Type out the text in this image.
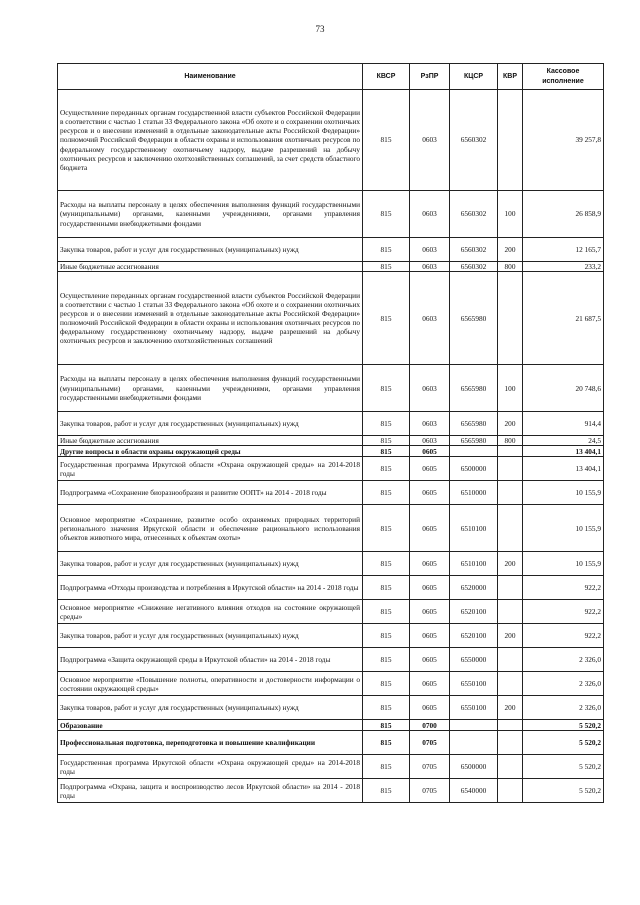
73
Наименование	КВСР	РзПР	КЦСР	КВР	Кассовое исполнение
Осуществление переданных органам государственной власти субъектов Российской Федерации в соответствии с частью 1 статьи 33 Федерального закона «Об охоте и о сохранении охотничьих ресурсов и о внесении изменений в отдельные законодательные акты Российской Федерации» полномочий Российской Федерации в области охраны и использования охотничьих ресурсов по федеральному государственному охотничьему надзору, выдаче разрешений на добычу охотничьих ресурсов и заключению охотхозяйственных соглашений, за счет средств областного бюджета	815	0603	6560302		39 257,8
Расходы на выплаты персоналу в целях обеспечения выполнения функций государственными (муниципальными) органами, казенными учреждениями, органами управления государственными внебюджетными фондами	815	0603	6560302	100	26 858,9
Закупка товаров, работ и услуг для государственных (муниципальных) нужд	815	0603	6560302	200	12 165,7
Иные бюджетные ассигнования	815	0603	6560302	800	233,2
Осуществление переданных органам государственной власти субъектов Российской Федерации в соответствии с частью 1 статьи 33 Федерального закона «Об охоте и о сохранении охотничьих ресурсов и о внесении изменений в отдельные законодательные акты Российской Федерации» полномочий Российской Федерации в области охраны и использования охотничьих ресурсов по федеральному государственному охотничьему надзору, выдаче разрешений на добычу охотничьих ресурсов и заключению охотхозяйственных соглашений	815	0603	6565980		21 687,5
Расходы на выплаты персоналу в целях обеспечения выполнения функций государственными (муниципальными) органами, казенными учреждениями, органами управления государственными внебюджетными фондами	815	0603	6565980	100	20 748,6
Закупка товаров, работ и услуг для государственных (муниципальных) нужд	815	0603	6565980	200	914,4
Иные бюджетные ассигнования	815	0603	6565980	800	24,5
Другие вопросы в области охраны окружающей среды	815	0605			13 404,1
Государственная программа Иркутской области «Охрана окружающей среды» на 2014-2018 годы	815	0605	6500000		13 404,1
Подпрограмма «Сохранение биоразнообразия и развитие ООПТ» на 2014 - 2018 годы	815	0605	6510000		10 155,9
Основное мероприятие «Сохранение, развитие особо охраняемых природных территорий регионального значения Иркутской области и обеспечение рационального использования объектов животного мира, отнесенных к объектам охоты»	815	0605	6510100		10 155,9
Закупка товаров, работ и услуг для государственных (муниципальных) нужд	815	0605	6510100	200	10 155,9
Подпрограмма «Отходы производства и потребления в Иркутской области» на 2014 - 2018 годы	815	0605	6520000		922,2
Основное мероприятие «Снижение негативного влияния отходов на состояние окружающей среды»	815	0605	6520100		922,2
Закупка товаров, работ и услуг для государственных (муниципальных) нужд	815	0605	6520100	200	922,2
Подпрограмма «Защита окружающей среды в Иркутской области» на 2014 - 2018 годы	815	0605	6550000		2 326,0
Основное мероприятие «Повышение полноты, оперативности и достоверности информации о состоянии окружающей среды»	815	0605	6550100		2 326,0
Закупка товаров, работ и услуг для государственных (муниципальных) нужд	815	0605	6550100	200	2 326,0
Образование	815	0700			5 520,2
Профессиональная подготовка, переподготовка и повышение квалификации	815	0705			5 520,2
Государственная программа Иркутской области «Охрана окружающей среды» на 2014-2018 годы	815	0705	6500000		5 520,2
Подпрограмма «Охрана, защита и воспроизводство лесов Иркутской области» на 2014 - 2018 годы	815	0705	6540000		5 520,2
